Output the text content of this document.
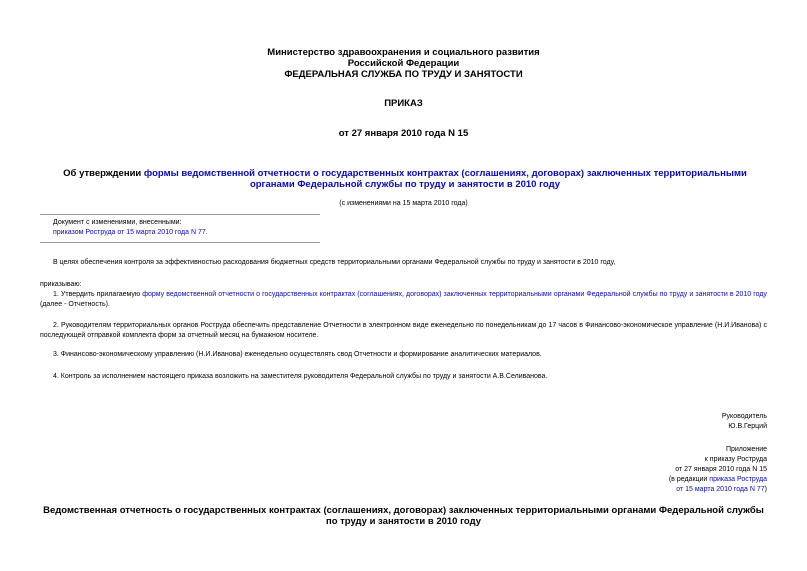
Министерство здравоохранения и социального развития
Российской Федерации
ФЕДЕРАЛЬНАЯ СЛУЖБА ПО ТРУДУ И ЗАНЯТОСТИ
ПРИКАЗ
от 27 января 2010 года N 15
Об утверждении формы ведомственной отчетности о государственных контрактах (соглашениях, договорах) заключенных территориальными органами Федеральной службы по труду и занятости в 2010 году
(с изменениями на 15 марта 2010 года)
Документ с изменениями, внесенными:
приказом Роструда от 15 марта 2010 года N 77.
В целях обеспечения контроля за эффективностью расходования бюджетных средств территориальными органами Федеральной службы по труду и занятости в 2010 году,
приказываю:
1. Утвердить прилагаемую форму ведомственной отчетности о государственных контрактах (соглашениях, договорах) заключенных территориальными органами Федеральной службы по труду и занятости в 2010 году (далее - Отчетность).
2. Руководителям территориальных органов Роструда обеспечить представление Отчетности в электронном виде еженедельно по понедельникам до 17 часов в Финансово-экономическое управление (Н.И.Иванова) с последующей отправкой комплекта форм за отчетный месяц на бумажном носителе.
3. Финансово-экономическому управлению (Н.И.Иванова) еженедельно осуществлять свод Отчетности и формирование аналитических материалов.
4. Контроль за исполнением настоящего приказа возложить на заместителя руководителя Федеральной службы по труду и занятости А.В.Селиванова.
Руководитель
Ю.В.Герций
Приложение
к приказу Роструда
от 27 января 2010 года N 15
(в редакции приказа Роструда
от 15 марта 2010 года N 77)
Ведомственная отчетность о государственных контрактах (соглашениях, договорах) заключенных территориальными органами Федеральной службы по труду и занятости в 2010 году
